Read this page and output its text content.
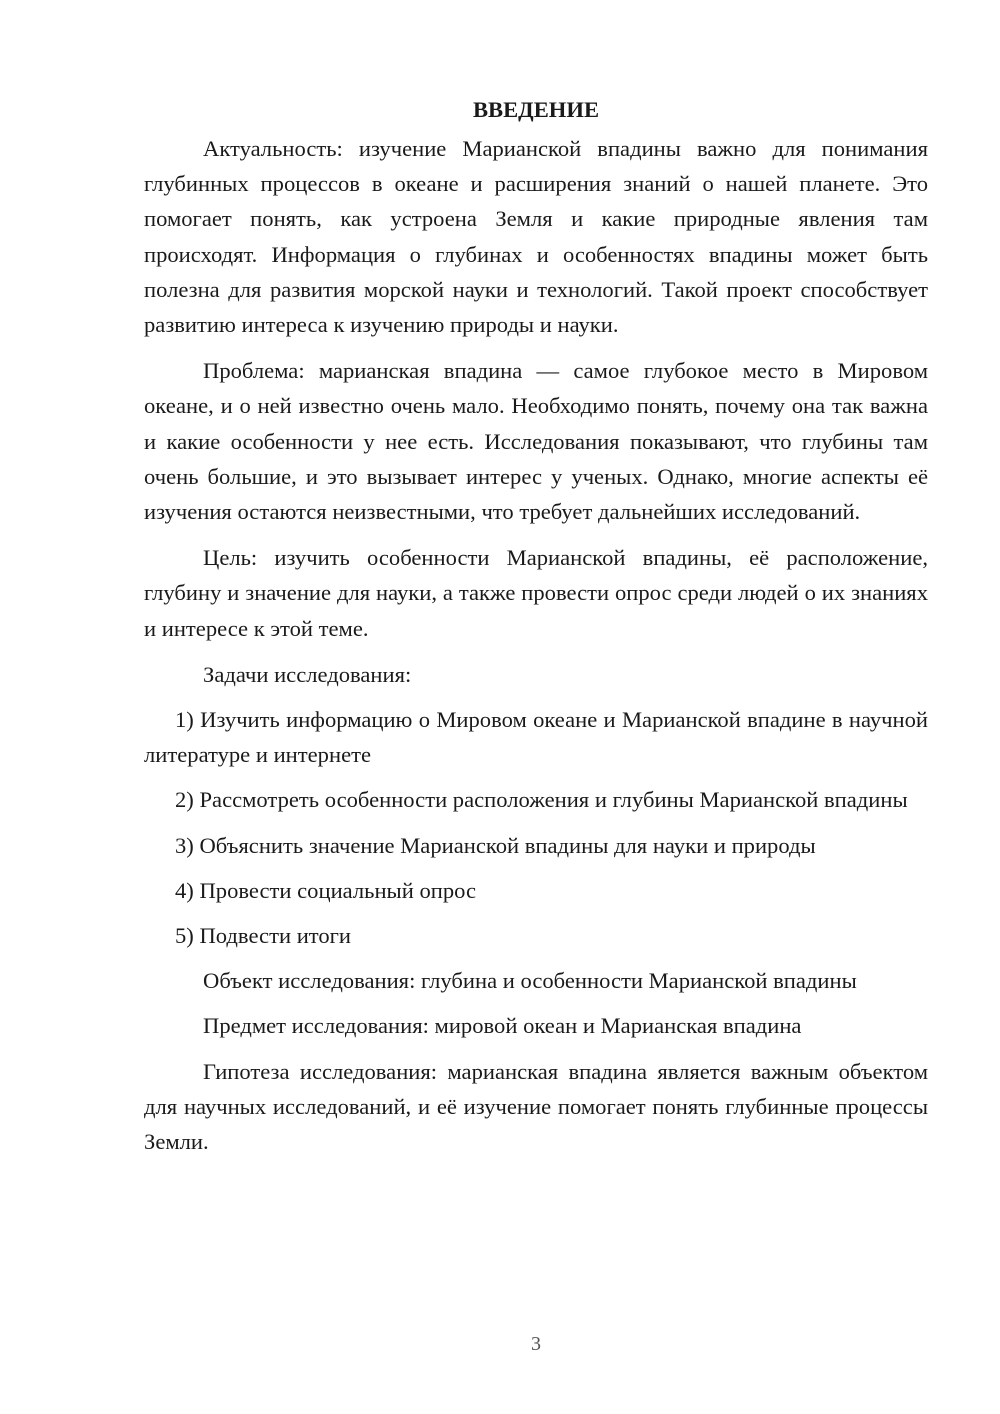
ВВЕДЕНИЕ

Актуальность: изучение Марианской впадины важно для понимания глубинных процессов в океане и расширения знаний о нашей планете. Это помогает понять, как устроена Земля и какие природные явления там происходят. Информация о глубинах и особенностях впадины может быть полезна для развития морской науки и технологий. Такой проект способствует развитию интереса к изучению природы и науки.

Проблема: марианская впадина — самое глубокое место в Мировом океане, и о ней известно очень мало. Необходимо понять, почему она так важна и какие особенности у нее есть. Исследования показывают, что глубины там очень большие, и это вызывает интерес у ученых. Однако, многие аспекты её изучения остаются неизвестными, что требует дальнейших исследований.

Цель: изучить особенности Марианской впадины, её расположение, глубину и значение для науки, а также провести опрос среди людей о их знаниях и интересе к этой теме.

Задачи исследования:

1) Изучить информацию о Мировом океане и Марианской впадине в научной литературе и интернете

2) Рассмотреть особенности расположения и глубины Марианской впадины

3) Объяснить значение Марианской впадины для науки и природы

4) Провести социальный опрос

5) Подвести итоги

Объект исследования: глубина и особенности Марианской впадины

Предмет исследования: мировой океан и Марианская впадина

Гипотеза исследования: марианская впадина является важным объектом для научных исследований, и её изучение помогает понять глубинные процессы Земли.

3
